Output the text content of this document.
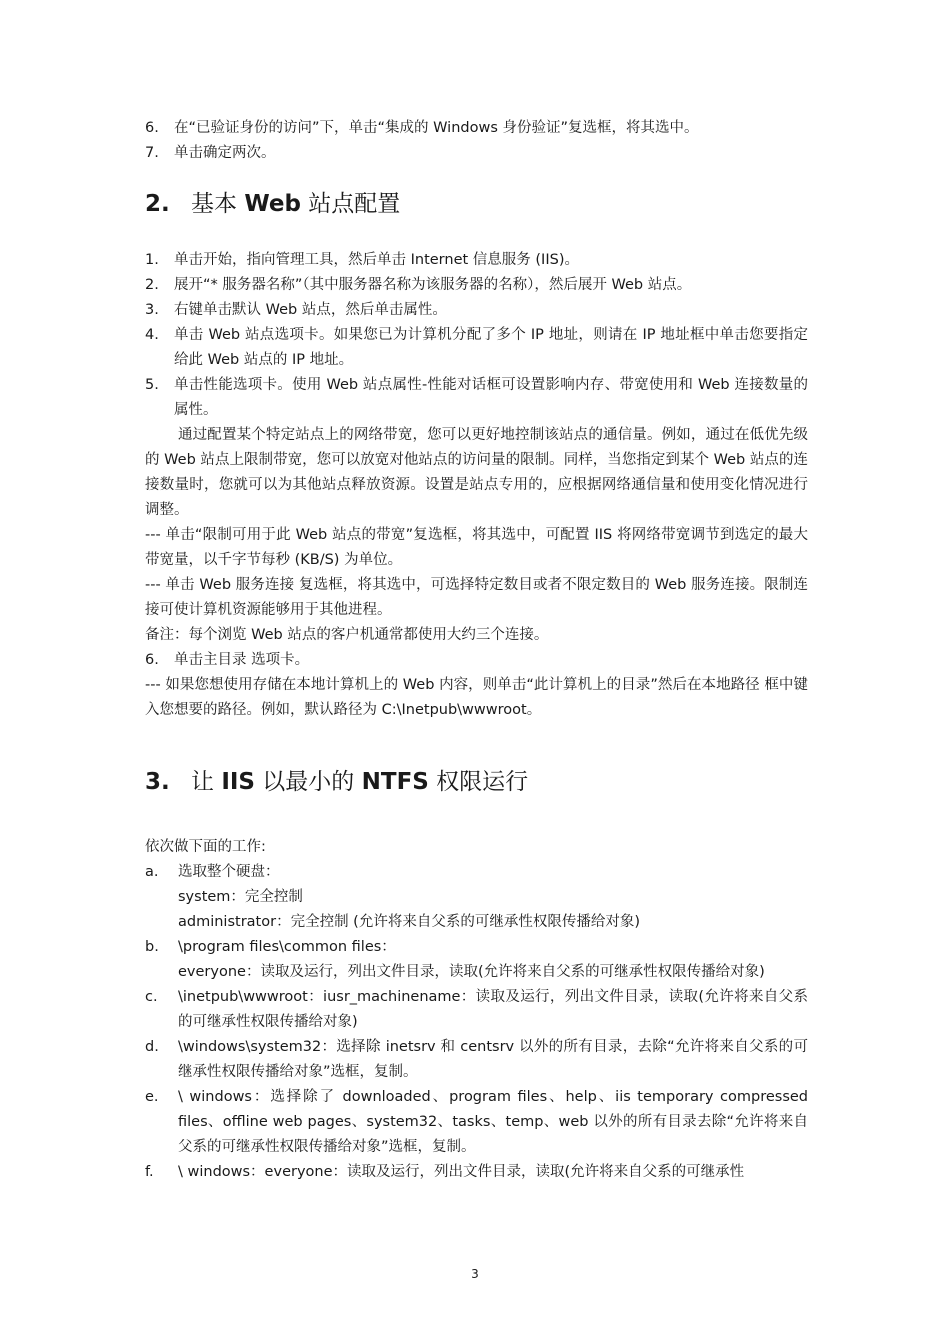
6. 在“已验证身份的访问”下，单击“集成的 Windows 身份验证”复选框，将其选中。
7. 单击确定两次。
2. 基本 Web 站点配置
1. 单击开始，指向管理工具，然后单击 Internet 信息服务 (IIS)。
2. 展开“* 服务器名称”（其中服务器名称为该服务器的名称），然后展开 Web 站点。
3. 右键单击默认 Web 站点，然后单击属性。
4. 单击 Web 站点选项卡。如果您已为计算机分配了多个 IP 地址，则请在 IP 地址框中单击您要指定给此 Web 站点的 IP 地址。
5. 单击性能选项卡。使用 Web 站点属性-性能对话框可设置影响内存、带宽使用和 Web 连接数量的属性。
通过配置某个特定站点上的网络带宽，您可以更好地控制该站点的通信量。例如，通过在低优先级的 Web 站点上限制带宽，您可以放宽对他站点的访问量的限制。同样，当您指定到某个 Web 站点的连接数量时，您就可以为其他站点释放资源。设置是站点专用的，应根据网络通信量和使用变化情况进行调整。
--- 单击“限制可用于此 Web 站点的带宽”复选框，将其选中，可配置 IIS 将网络带宽调节到选定的最大带宽量，以千字节每秒 (KB/S) 为单位。
--- 单击 Web 服务连接 复选框，将其选中，可选择特定数目或者不限定数目的 Web 服务连接。限制连接可使计算机资源能够用于其他进程。
备注：每个浏览 Web 站点的客户机通常都使用大约三个连接。
6. 单击主目录 选项卡。
--- 如果您想使用存储在本地计算机上的 Web 内容，则单击“此计算机上的目录”然后在本地路径 框中键入您想要的路径。例如，默认路径为 C:\Inetpub\wwwroot。
3. 让 IIS 以最小的 NTFS 权限运行
依次做下面的工作:
a. 选取整个硬盘：
system：完全控制
administrator：完全控制 (允许将来自父系的可继承性权限传播给对象)
b. \program files\common files：
everyone：读取及运行，列出文件目录，读取(允许将来自父系的可继承性权限传播给对象)
c. \inetpub\wwwroot：iusr_machinename：读取及运行，列出文件目录，读取(允许将来自父系的可继承性权限传播给对象)
d. \windows\system32：选择除 inetsrv 和 centsrv 以外的所有目录，去除“允许将来自父系的可继承性权限传播给对象”选框，复制。
e. \ windows：选择除了 downloaded、program files、help、iis temporary compressed files、offline web pages、system32、tasks、temp、web 以外的所有目录去除“允许将来自父系的可继承性权限传播给对象”选框，复制。
f. \ windows：everyone：读取及运行，列出文件目录，读取(允许将来自父系的可继承性
3
